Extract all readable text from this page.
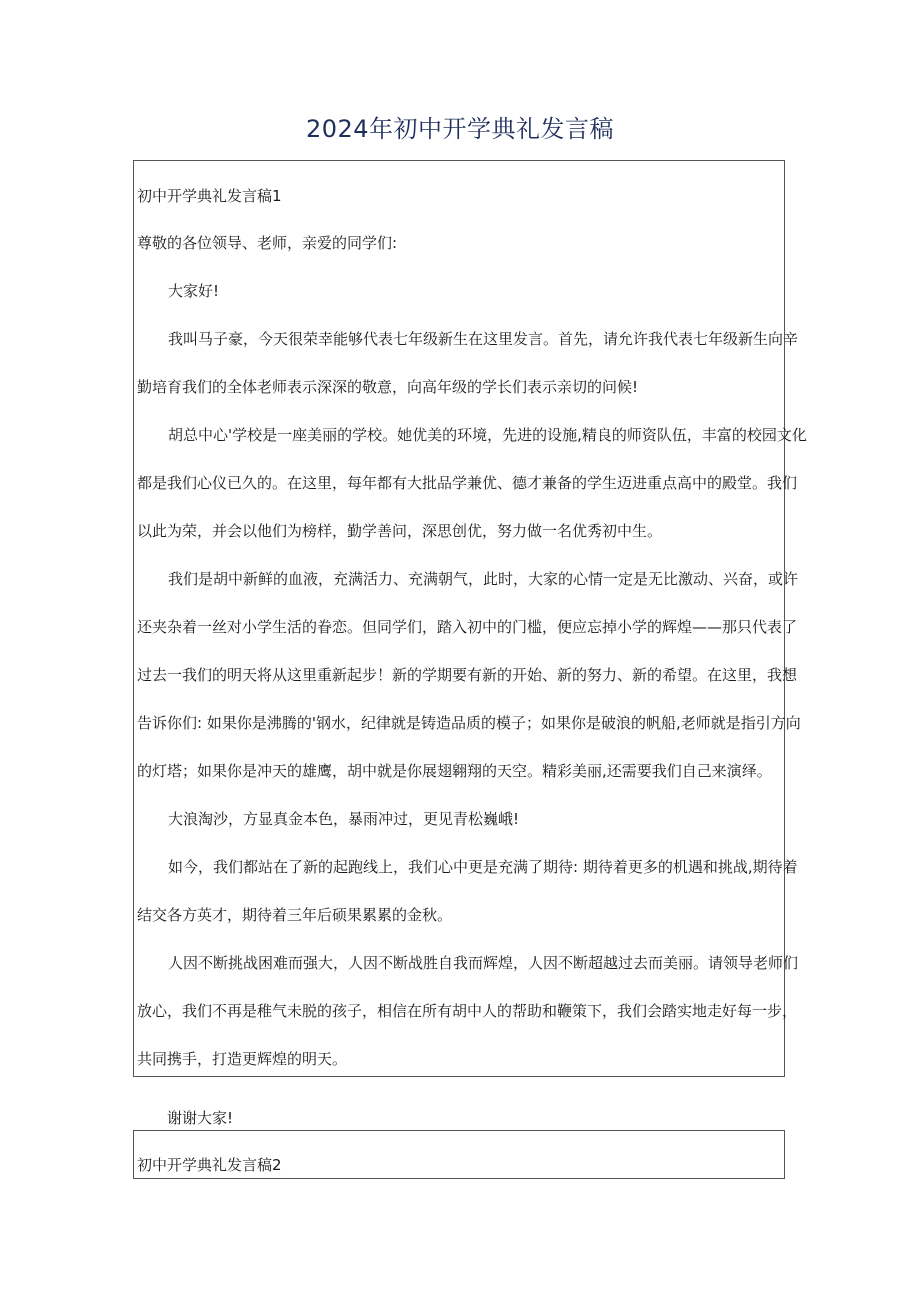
2024年初中开学典礼发言稿
初中开学典礼发言稿1
尊敬的各位领导、老师，亲爱的同学们:
大家好!
我叫马子豪，今天很荣幸能够代表七年级新生在这里发言。首先，请允许我代表七年级新生向辛
勤培育我们的全体老师表示深深的敬意，向高年级的学长们表示亲切的问候!
胡总中心'学校是一座美丽的学校。她优美的环境，先进的设施,精良的师资队伍，丰富的校园文化
都是我们心仪已久的。在这里，每年都有大批品学兼优、德才兼备的学生迈进重点高中的殿堂。我们
以此为荣，并会以他们为榜样，勤学善问，深思创优，努力做一名优秀初中生。
我们是胡中新鲜的血液，充满活力、充满朝气，此时，大家的心情一定是无比激动、兴奋，或许
还夹杂着一丝对小学生活的眷恋。但同学们，踏入初中的门槛，便应忘掉小学的辉煌——那只代表了
过去一我们的明天将从这里重新起步！新的学期要有新的开始、新的努力、新的希望。在这里，我想
告诉你们: 如果你是沸腾的'钢水，纪律就是铸造品质的模子；如果你是破浪的帆船,老师就是指引方向
的灯塔；如果你是冲天的雄鹰，胡中就是你展翅翱翔的天空。精彩美丽,还需要我们自己来演绎。
大浪淘沙，方显真金本色，暴雨冲过，更见青松巍峨!
如今，我们都站在了新的起跑线上，我们心中更是充满了期待: 期待着更多的机遇和挑战,期待着
结交各方英才，期待着三年后硕果累累的金秋。
人因不断挑战困难而强大，人因不断战胜自我而辉煌，人因不断超越过去而美丽。请领导老师们
放心，我们不再是稚气未脱的孩子，相信在所有胡中人的帮助和鞭策下，我们会踏实地走好每一步，
共同携手，打造更辉煌的明天。
谢谢大家!
初中开学典礼发言稿2
